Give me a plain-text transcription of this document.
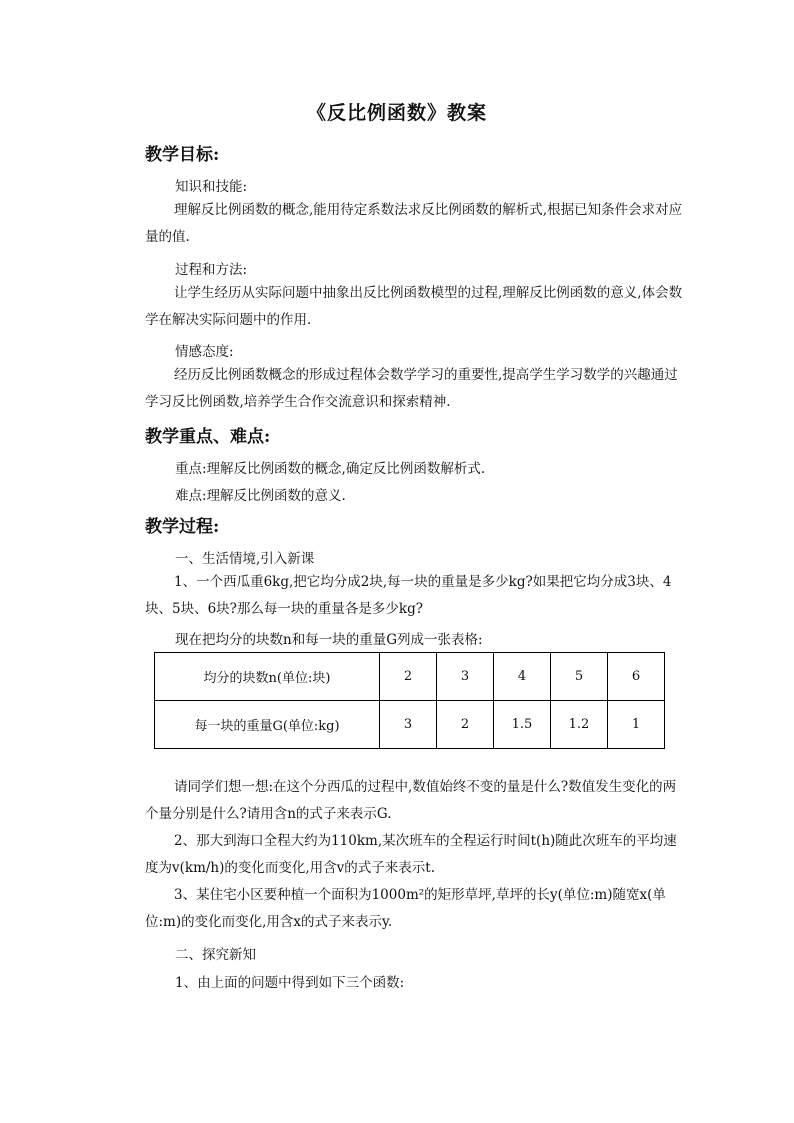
《反比例函数》教案
教学目标:
知识和技能:
理解反比例函数的概念,能用待定系数法求反比例函数的解析式,根据已知条件会求对应量的值.
过程和方法:
让学生经历从实际问题中抽象出反比例函数模型的过程,理解反比例函数的意义,体会数学在解决实际问题中的作用.
情感态度:
经历反比例函数概念的形成过程体会数学学习的重要性,提高学生学习数学的兴趣通过学习反比例函数,培养学生合作交流意识和探索精神.
教学重点、难点:
重点:理解反比例函数的概念,确定反比例函数解析式.
难点:理解反比例函数的意义.
教学过程:
一、生活情境,引入新课
1、一个西瓜重6kg,把它均分成2块,每一块的重量是多少kg?如果把它均分成3块、4块、5块、6块?那么每一块的重量各是多少kg?
现在把均分的块数n和每一块的重量G列成一张表格:
均分的块数n(单位:块)	2	3	4	5	6
每一块的重量G(单位:kg)	3	2	1.5	1.2	1
请同学们想一想:在这个分西瓜的过程中,数值始终不变的量是什么?数值发生变化的两个量分别是什么?请用含n的式子来表示G.
2、那大到海口全程大约为110km,某次班车的全程运行时间t(h)随此次班车的平均速度为v(km/h)的变化而变化,用含v的式子来表示t.
3、某住宅小区要种植一个面积为1000m²的矩形草坪,草坪的长y(单位:m)随宽x(单位:m)的变化而变化,用含x的式子来表示y.
二、探究新知
1、由上面的问题中得到如下三个函数:
